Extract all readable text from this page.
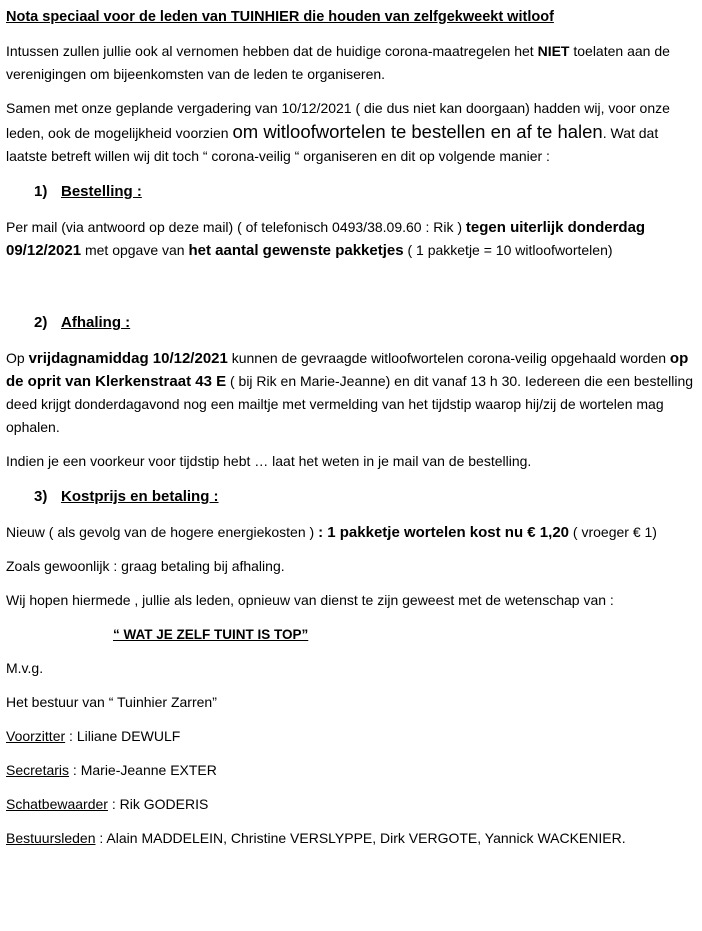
Nota speciaal voor de leden van TUINHIER die houden van zelfgekweekt witloof

Intussen zullen jullie ook al vernomen hebben dat de huidige corona-maatregelen het NIET toelaten aan de verenigingen om bijeenkomsten van de leden te organiseren.

Samen met onze geplande vergadering van 10/12/2021 ( die dus niet kan doorgaan) hadden wij, voor onze leden, ook de mogelijkheid voorzien om witloofwortelen te bestellen en af te halen. Wat dat laatste betreft willen wij dit toch “ corona-veilig “ organiseren en dit op volgende manier :

1) Bestelling :

Per mail (via antwoord op deze mail) ( of telefonisch 0493/38.09.60 : Rik ) tegen uiterlijk donderdag 09/12/2021 met opgave van het aantal gewenste pakketjes ( 1 pakketje = 10 witloofwortelen)

2) Afhaling :

Op vrijdagnamiddag 10/12/2021 kunnen de gevraagde witloofwortelen corona-veilig opgehaald worden op de oprit van Klerkenstraat 43 E ( bij Rik en Marie-Jeanne) en dit vanaf 13 h 30. Iedereen die een bestelling deed krijgt donderdagavond nog een mailtje met vermelding van het tijdstip waarop hij/zij de wortelen mag ophalen.

Indien je een voorkeur voor tijdstip hebt … laat het weten in je mail van de bestelling.

3) Kostprijs en betaling :

Nieuw ( als gevolg van de hogere energiekosten ) : 1 pakketje wortelen kost nu € 1,20 ( vroeger € 1)

Zoals gewoonlijk : graag betaling bij afhaling.

Wij hopen hiermede , jullie als leden, opnieuw van dienst te zijn geweest met de wetenschap van :

“ WAT JE ZELF TUINT IS TOP”

M.v.g.

Het bestuur van “ Tuinhier Zarren”

Voorzitter : Liliane DEWULF

Secretaris : Marie-Jeanne EXTER

Schatbewaarder : Rik GODERIS

Bestuursleden : Alain MADDELEIN, Christine VERSLYPPE, Dirk VERGOTE, Yannick WACKENIER.
